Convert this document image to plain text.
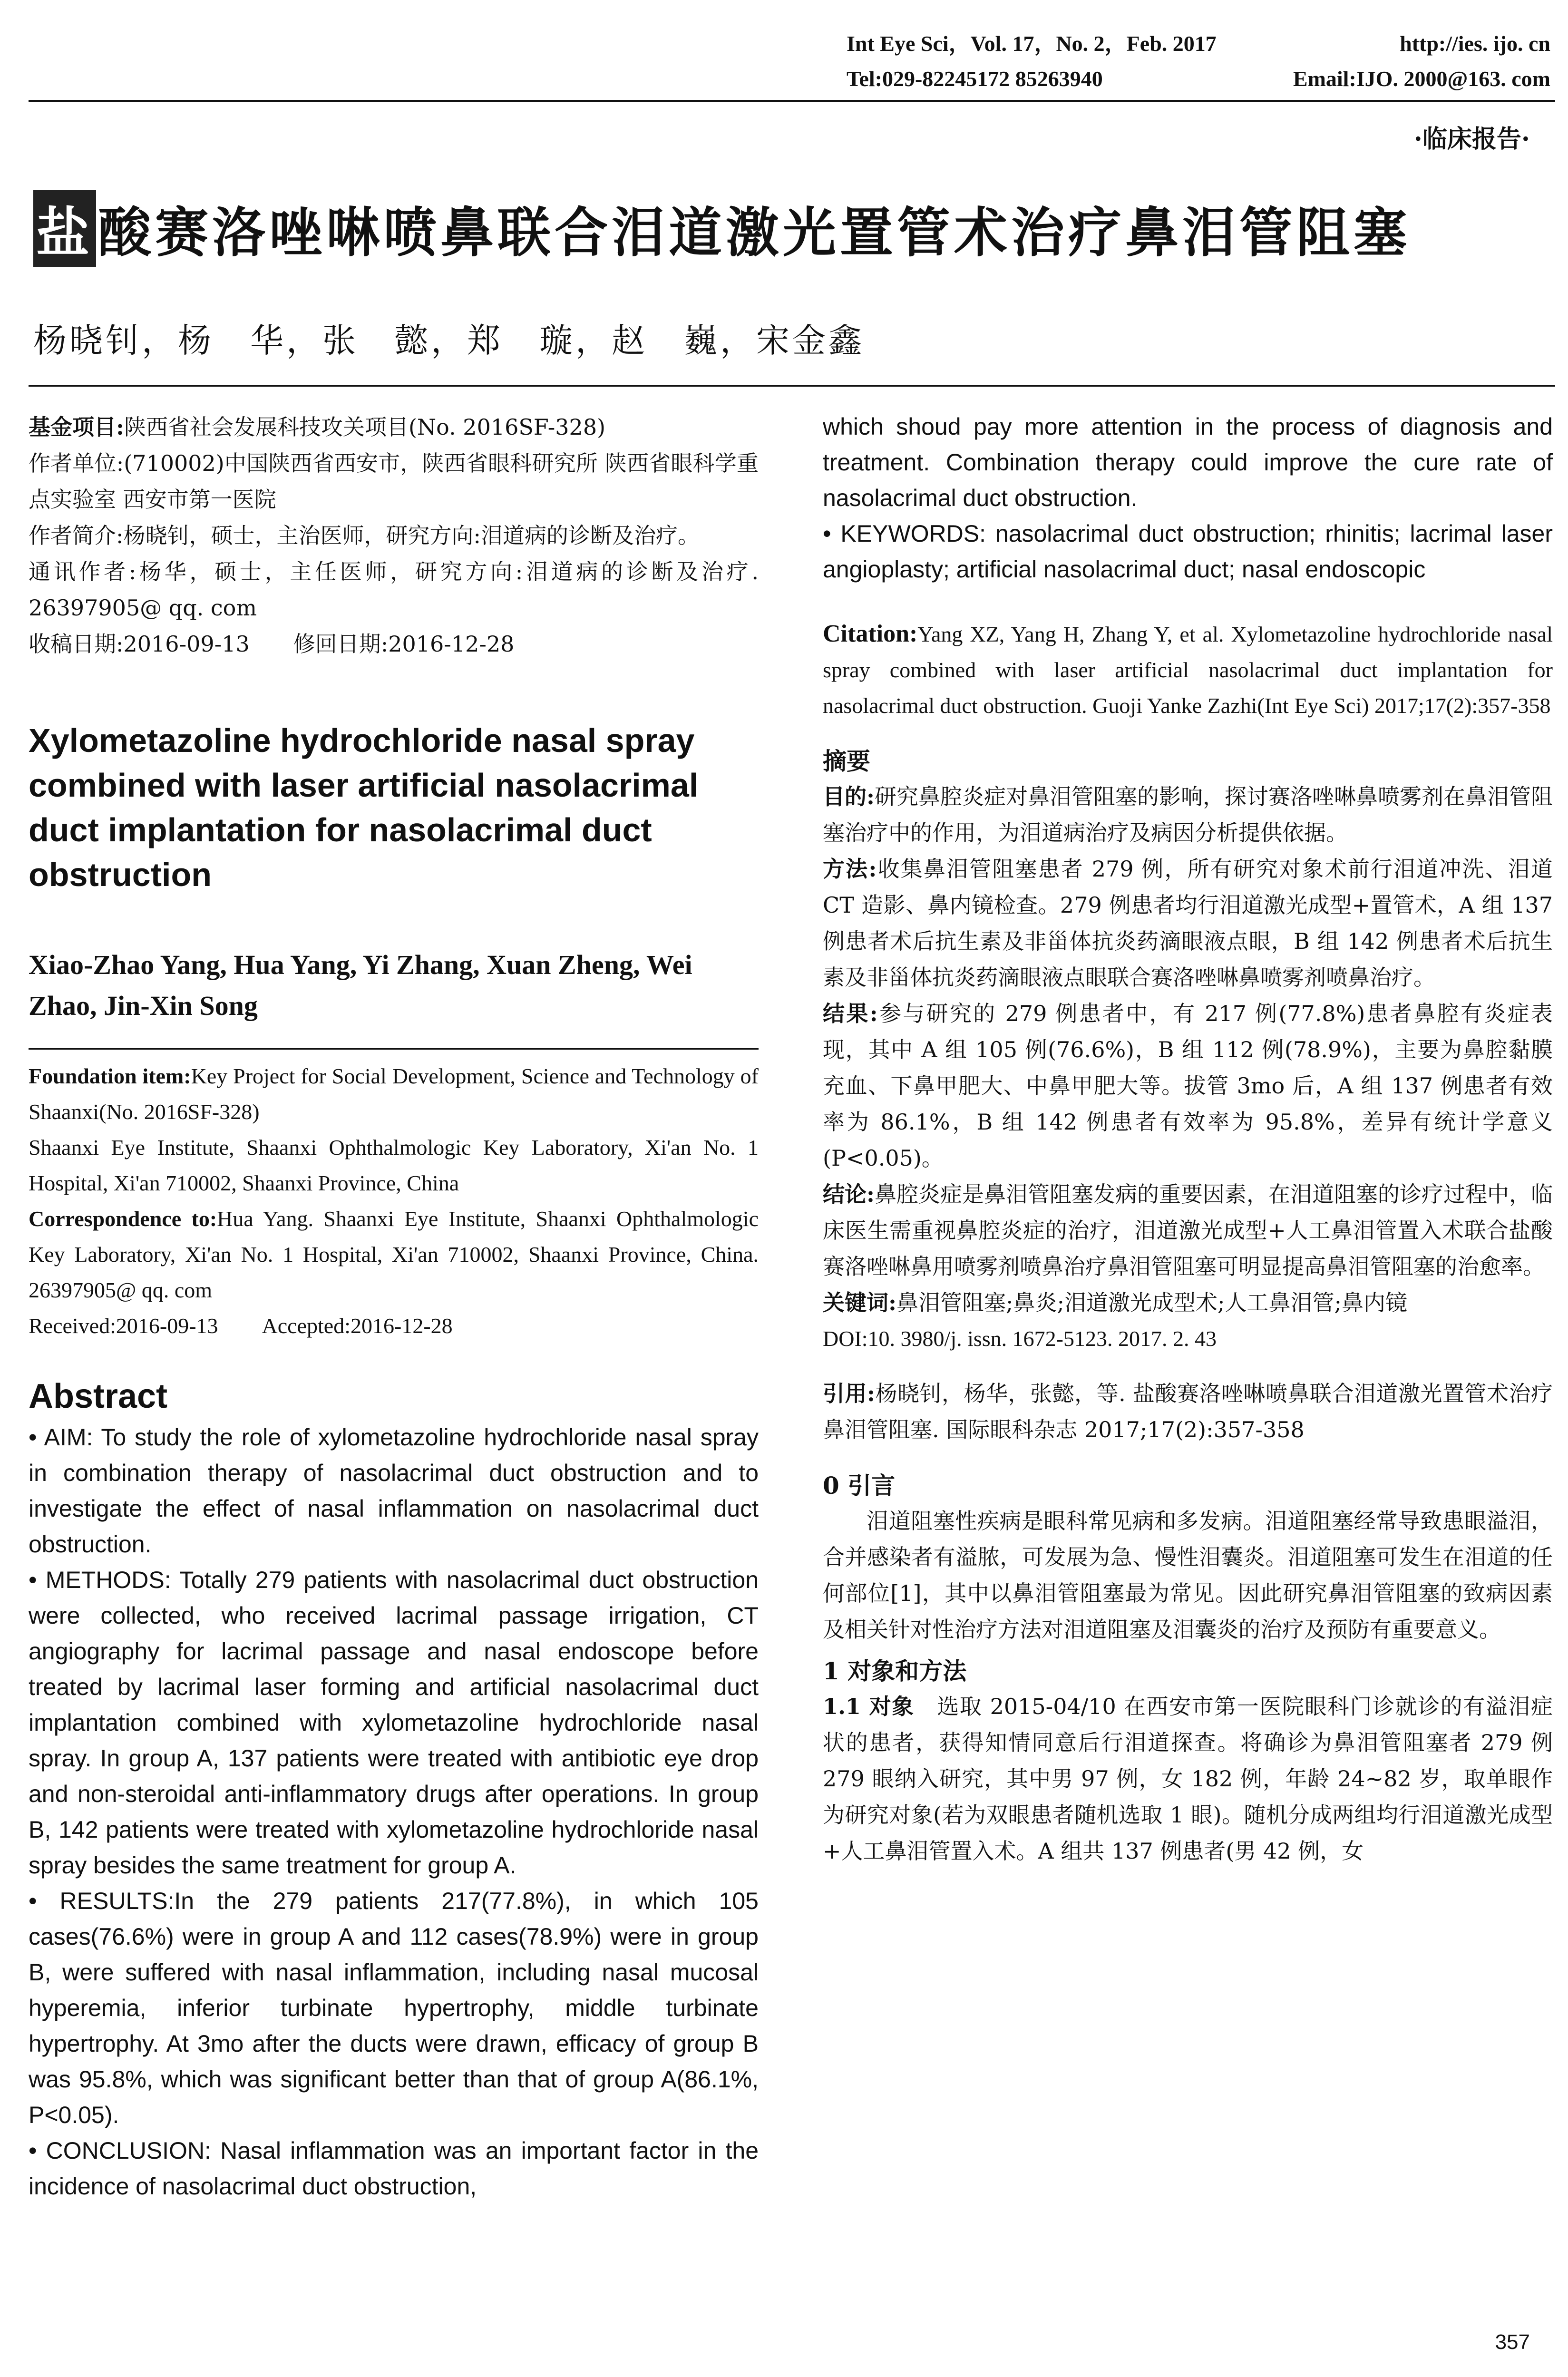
Int Eye Sci，Vol. 17，No. 2，Feb. 2017	http://ies. ijo. cn
Tel:029-82245172 85263940	Email:IJO. 2000@163. com
·临床报告·
盐 酸赛洛唑啉喷鼻联合泪道激光置管术治疗鼻泪管阻塞
杨晓钊，杨　华，张　懿，郑　璇，赵　巍，宋金鑫
基金项目:陕西省社会发展科技攻关项目(No. 2016SF-328)
作者单位:(710002)中国陕西省西安市，陕西省眼科研究所 陕西省眼科学重点实验室 西安市第一医院
作者简介:杨晓钊，硕士，主治医师，研究方向:泪道病的诊断及治疗。
通讯作者:杨华，硕士，主任医师，研究方向:泪道病的诊断及治疗. 26397905@ qq. com
收稿日期:2016-09-13　　修回日期:2016-12-28
Xylometazoline hydrochloride nasal spray combined with laser artificial nasolacrimal duct implantation for nasolacrimal duct obstruction
Xiao-Zhao Yang, Hua Yang, Yi Zhang, Xuan Zheng, Wei Zhao, Jin-Xin Song
Foundation item:Key Project for Social Development, Science and Technology of Shaanxi(No. 2016SF-328)
Shaanxi Eye Institute, Shaanxi Ophthalmologic Key Laboratory, Xi'an No. 1 Hospital, Xi'an 710002, Shaanxi Province, China
Correspondence to:Hua Yang. Shaanxi Eye Institute, Shaanxi Ophthalmologic Key Laboratory, Xi'an No. 1 Hospital, Xi'an 710002, Shaanxi Province, China. 26397905@ qq. com
Received:2016-09-13　　Accepted:2016-12-28
Abstract

• AIM: To study the role of xylometazoline hydrochloride nasal spray in combination therapy of nasolacrimal duct obstruction and to investigate the effect of nasal inflammation on nasolacrimal duct obstruction.

• METHODS: Totally 279 patients with nasolacrimal duct obstruction were collected, who received lacrimal passage irrigation, CT angiography for lacrimal passage and nasal endoscope before treated by lacrimal laser forming and artificial nasolacrimal duct implantation combined with xylometazoline hydrochloride nasal spray. In group A, 137 patients were treated with antibiotic eye drop and non-steroidal anti-inflammatory drugs after operations. In group B, 142 patients were treated with xylometazoline hydrochloride nasal spray besides the same treatment for group A.

• RESULTS:In the 279 patients 217(77.8%), in which 105 cases(76.6%) were in group A and 112 cases(78.9%) were in group B, were suffered with nasal inflammation, including nasal mucosal hyperemia, inferior turbinate hypertrophy, middle turbinate hypertrophy. At 3mo after the ducts were drawn, efficacy of group B was 95.8%, which was significant better than that of group A(86.1%, P<0.05).

• CONCLUSION: Nasal inflammation was an important factor in the incidence of nasolacrimal duct obstruction,

which shoud pay more attention in the process of diagnosis and treatment. Combination therapy could improve the cure rate of nasolacrimal duct obstruction.

• KEYWORDS: nasolacrimal duct obstruction; rhinitis; lacrimal laser angioplasty; artificial nasolacrimal duct; nasal endoscopic

Citation:Yang XZ, Yang H, Zhang Y, et al. Xylometazoline hydrochloride nasal spray combined with laser artificial nasolacrimal duct implantation for nasolacrimal duct obstruction. Guoji Yanke Zazhi(Int Eye Sci) 2017;17(2):357-358

摘要

目的:研究鼻腔炎症对鼻泪管阻塞的影响，探讨赛洛唑啉鼻喷雾剂在鼻泪管阻塞治疗中的作用，为泪道病治疗及病因分析提供依据。

方法:收集鼻泪管阻塞患者 279 例，所有研究对象术前行泪道冲洗、泪道 CT 造影、鼻内镜检查。279 例患者均行泪道激光成型+置管术，A 组 137 例患者术后抗生素及非甾体抗炎药滴眼液点眼，B 组 142 例患者术后抗生素及非甾体抗炎药滴眼液点眼联合赛洛唑啉鼻喷雾剂喷鼻治疗。

结果:参与研究的 279 例患者中，有 217 例(77.8%)患者鼻腔有炎症表现，其中 A 组 105 例(76.6%)，B 组 112 例(78.9%)，主要为鼻腔黏膜充血、下鼻甲肥大、中鼻甲肥大等。拔管 3mo 后，A 组 137 例患者有效率为 86.1%，B 组 142 例患者有效率为 95.8%，差异有统计学意义(P<0.05)。

结论:鼻腔炎症是鼻泪管阻塞发病的重要因素，在泪道阻塞的诊疗过程中，临床医生需重视鼻腔炎症的治疗，泪道激光成型+人工鼻泪管置入术联合盐酸赛洛唑啉鼻用喷雾剂喷鼻治疗鼻泪管阻塞可明显提高鼻泪管阻塞的治愈率。

关键词:鼻泪管阻塞;鼻炎;泪道激光成型术;人工鼻泪管;鼻内镜

DOI:10. 3980/j. issn. 1672-5123. 2017. 2. 43

引用:杨晓钊，杨华，张懿，等. 盐酸赛洛唑啉喷鼻联合泪道激光置管术治疗鼻泪管阻塞. 国际眼科杂志 2017;17(2):357-358

0 引言

泪道阻塞性疾病是眼科常见病和多发病。泪道阻塞经常导致患眼溢泪，合并感染者有溢脓，可发展为急、慢性泪囊炎。泪道阻塞可发生在泪道的任何部位[1]，其中以鼻泪管阻塞最为常见。因此研究鼻泪管阻塞的致病因素及相关针对性治疗方法对泪道阻塞及泪囊炎的治疗及预防有重要意义。

1 对象和方法

1.1 对象　 选取 2015-04/10 在西安市第一医院眼科门诊就诊的有溢泪症状的患者，获得知情同意后行泪道探查。将确诊为鼻泪管阻塞者 279 例 279 眼纳入研究，其中男 97 例，女 182 例，年龄 24~82 岁，取单眼作为研究对象(若为双眼患者随机选取 1 眼)。随机分成两组均行泪道激光成型+人工鼻泪管置入术。A 组共 137 例患者(男 42 例，女

357
